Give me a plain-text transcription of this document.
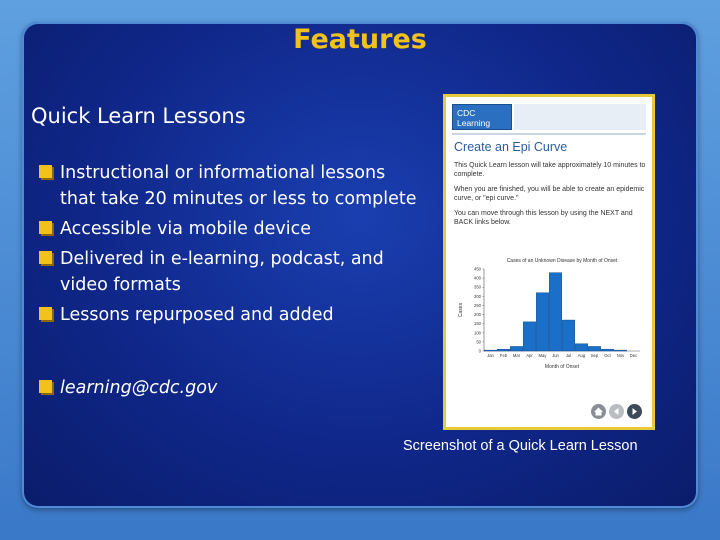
Features
Quick Learn Lessons
Instructional or informational lessons that take 20 minutes or less to complete
Accessible via mobile device
Delivered in e-learning, podcast, and video formats
Lessons repurposed and added
learning@cdc.gov
CDC Learning
Create an Epi Curve
This Quick Learn lesson will take approximately 10 minutes to complete.
When you are finished, you will be able to create an epidemic curve, or "epi curve."
You can move through this lesson by using the NEXT and BACK links below.
Cases of an Unknown Disease by Month of Onset
Cases
Month of Onset
0
50
100
150
200
250
300
350
400
450
Jan Feb Mar Apr May Jun Jul Aug Sep Oct Nov Dec
Screenshot of a Quick Learn Lesson
